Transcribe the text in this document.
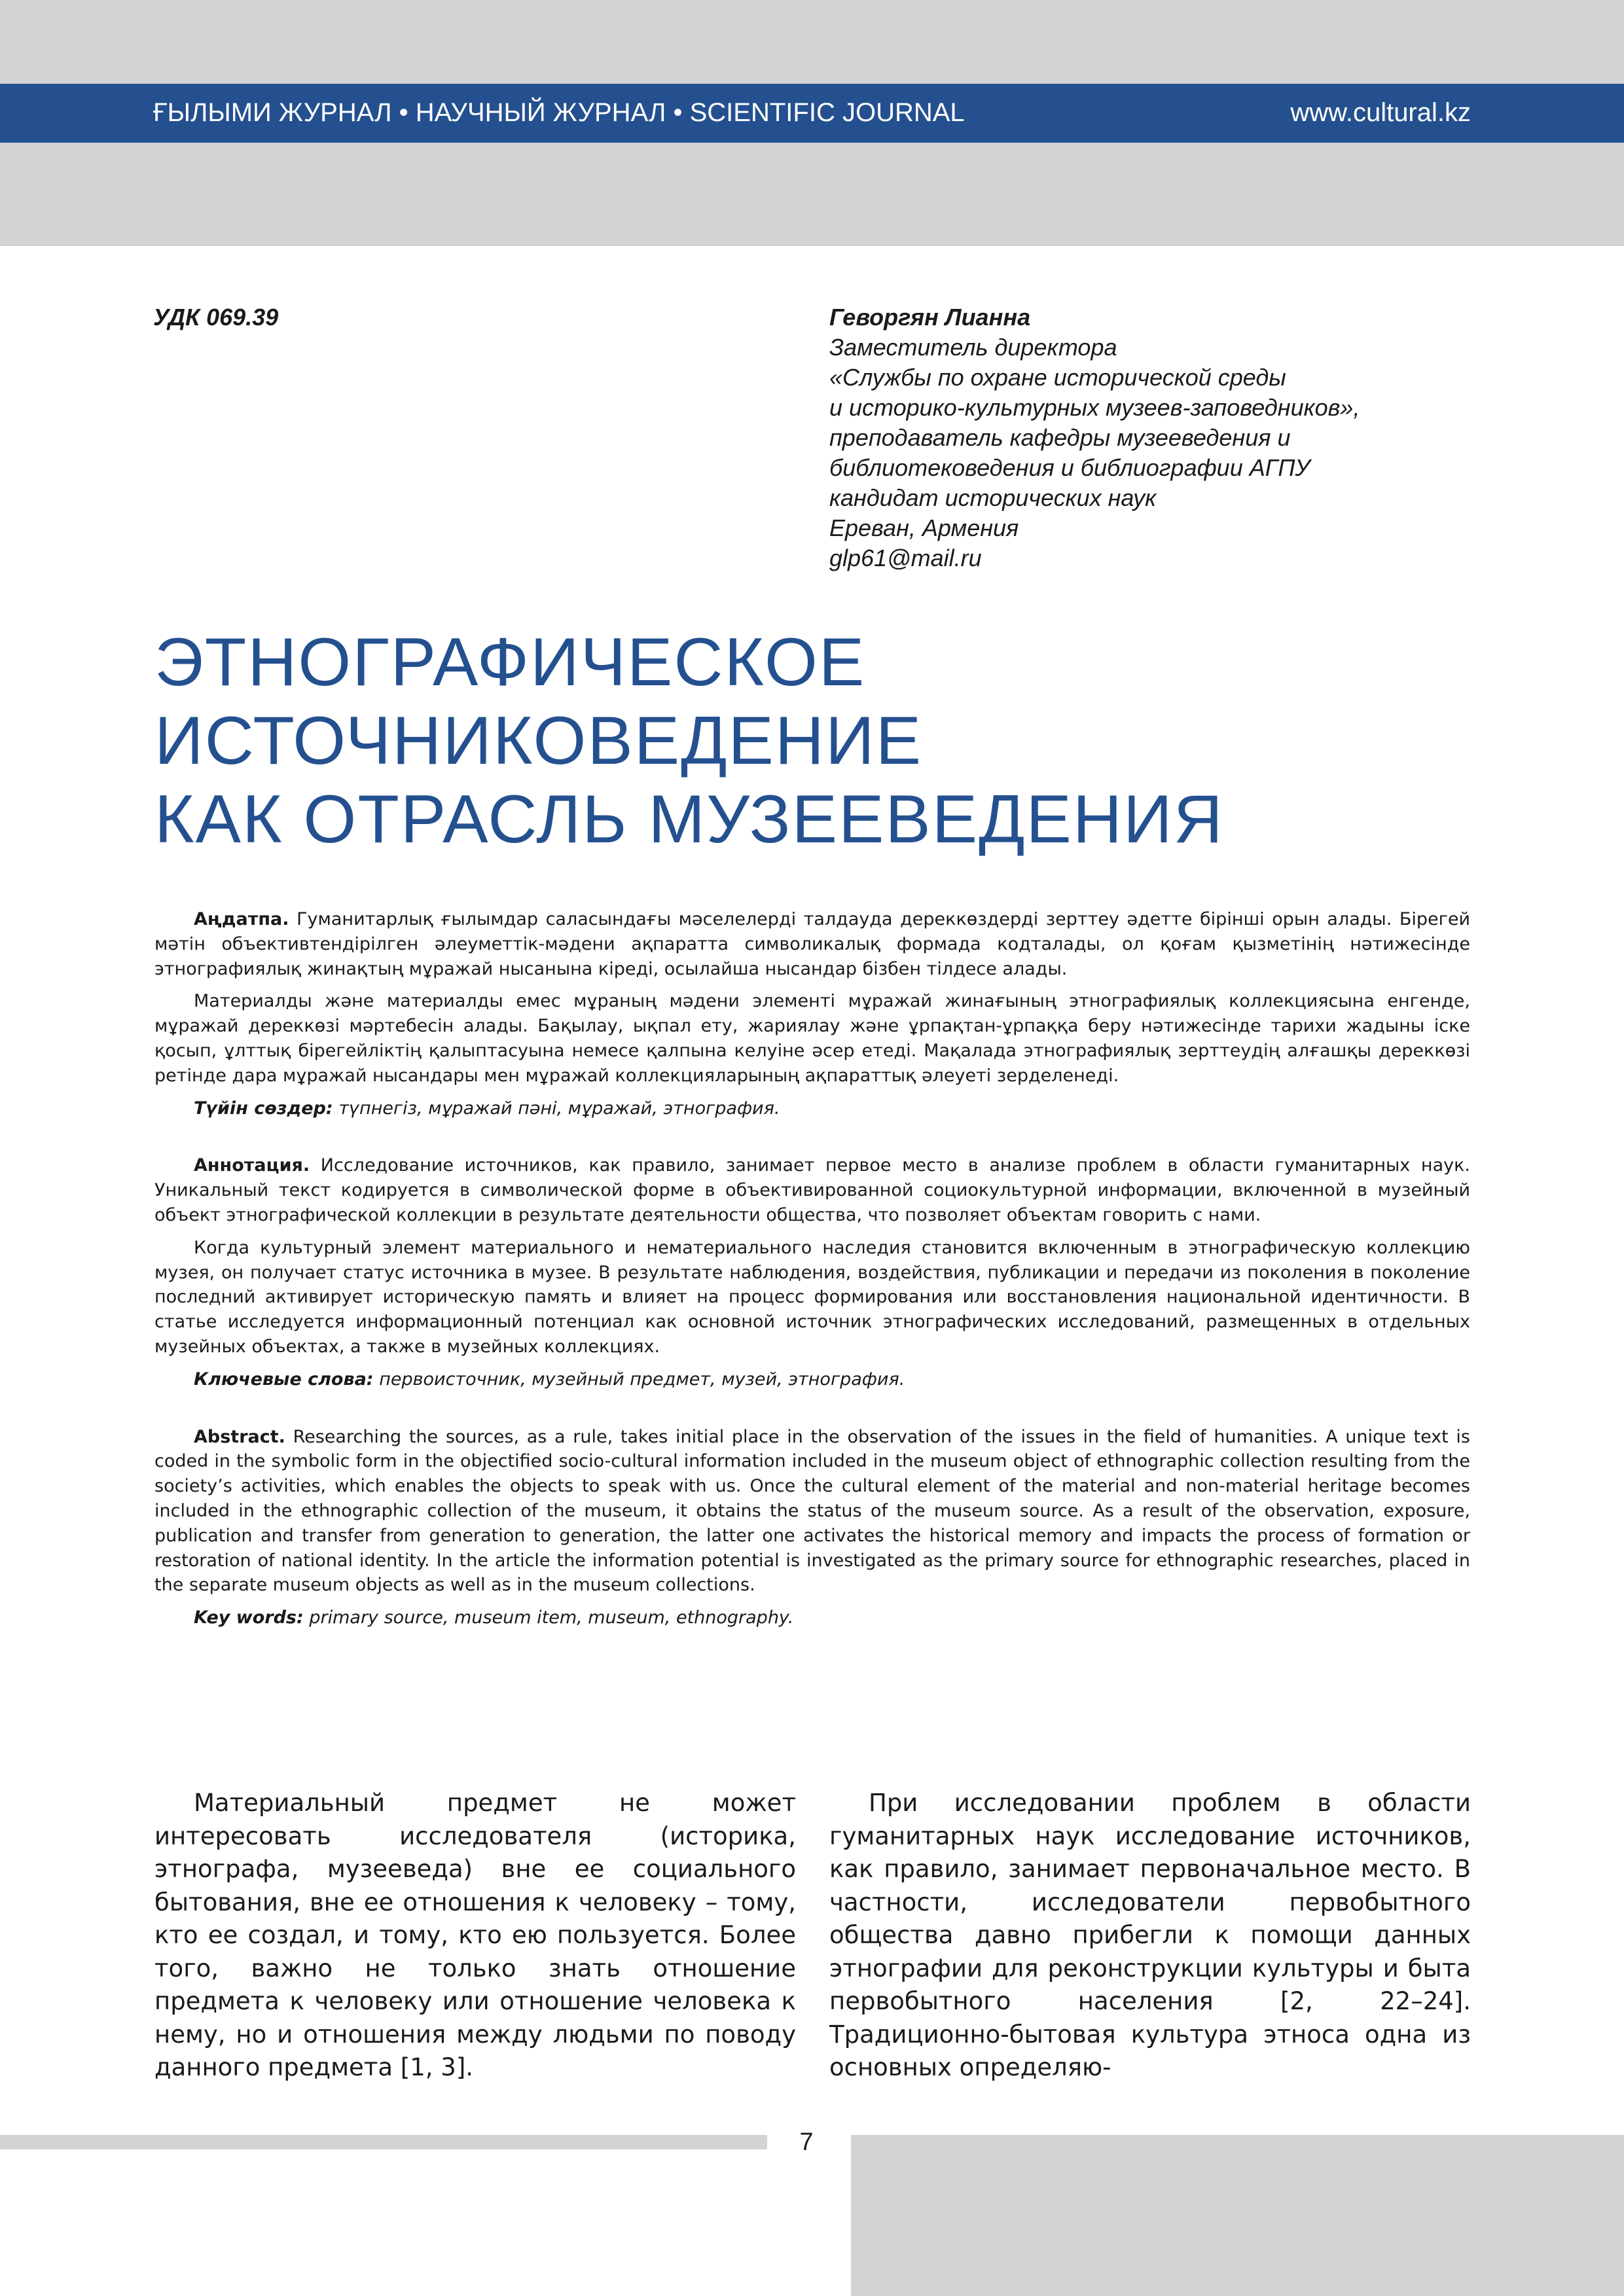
ҒЫЛЫМИ ЖУРНАЛ • НАУЧНЫЙ ЖУРНАЛ • SCIENTIFIC JOURNAL	www.cultural.kz
УДК 069.39	Геворгян Лианна
Заместитель директора
«Службы по охране исторической среды
и историко-культурных музеев-заповедников»,
преподаватель кафедры музееведения и
библиотековедения и библиографии АГПУ
кандидат исторических наук
Ереван, Армения
glp61@mail.ru
ЭТНОГРАФИЧЕСКОЕ
ИСТОЧНИКОВЕДЕНИЕ
КАК ОТРАСЛЬ МУЗЕЕВЕДЕНИЯ

Аңдатпа. Гуманитарлық ғылымдар саласындағы мәселелерді талдауда дереккөздерді зерттеу әдетте бірінші орын алады. Бірегей мәтін объективтендірілген әлеуметтік-мәдени ақпаратта символикалық формада кодталады, ол қоғам қызметінің нәтижесінде этнографиялық жинақтың мұражай нысанына кіреді, осылайша нысандар бізбен тілдесе алады.

Материалды және материалды емес мұраның мәдени элементі мұражай жинағының этнографиялық коллекциясына енгенде, мұражай дереккөзі мәртебесін алады. Бақылау, ықпал ету, жариялау және ұрпақтан-ұрпаққа беру нәтижесінде тарихи жадыны іске қосып, ұлттық бірегейліктің қалыптасуына немесе қалпына келуіне әсер етеді. Мақалада этнографиялық зерттеудің алғашқы дереккөзі ретінде дара мұражай нысандары мен мұражай коллекцияларының ақпараттық әлеуеті зерделенеді.

Түйін сөздер: түпнегіз, мұражай пәні, мұражай, этнография.

Аннотация. Исследование источников, как правило, занимает первое место в анализе проблем в области гуманитарных наук. Уникальный текст кодируется в символической форме в объективированной социокультурной информации, включенной в музейный объект этнографической коллекции в результате деятельности общества, что позволяет объектам говорить с нами.

Когда культурный элемент материального и нематериального наследия становится включенным в этнографическую коллекцию музея, он получает статус источника в музее. В результате наблюдения, воздействия, публикации и передачи из поколения в поколение последний активирует историческую память и влияет на процесс формирования или восстановления национальной идентичности. В статье исследуется информационный потенциал как основной источник этнографических исследований, размещенных в отдельных музейных объектах, а также в музейных коллекциях.

Ключевые слова: первоисточник, музейный предмет, музей, этнография.

Abstract. Researching the sources, as a rule, takes initial place in the observation of the issues in the field of humanities. A unique text is coded in the symbolic form in the objectified socio-cultural information included in the museum object of ethnographic collection resulting from the society’s activities, which enables the objects to speak with us. Once the cultural element of the material and non-material heritage becomes included in the ethnographic collection of the museum, it obtains the status of the museum source. As a result of the observation, exposure, publication and transfer from generation to generation, the latter one activates the historical memory and impacts the process of formation or restoration of national identity. In the article the information potential is investigated as the primary source for ethnographic researches, placed in the separate museum objects as well as in the museum collections.

Key words: primary source, museum item, museum, ethnography.

Материальный предмет не может интересовать исследователя (историка, этнографа, музееведа) вне ее социального бытования, вне ее отношения к человеку – тому, кто ее создал, и тому, кто ею пользуется. Более того, важно не только знать отношение предмета к человеку или отношение человека к нему, но и отношения между людьми по поводу данного предмета [1, 3].

При исследовании проблем в области гуманитарных наук исследование источников, как правило, занимает первоначальное место. В частности, исследователи первобытного общества давно прибегли к помощи данных этнографии для реконструкции культуры и быта первобытного населения [2, 22–24]. Традиционно-бытовая культура этноса одна из основных определяю-

7
